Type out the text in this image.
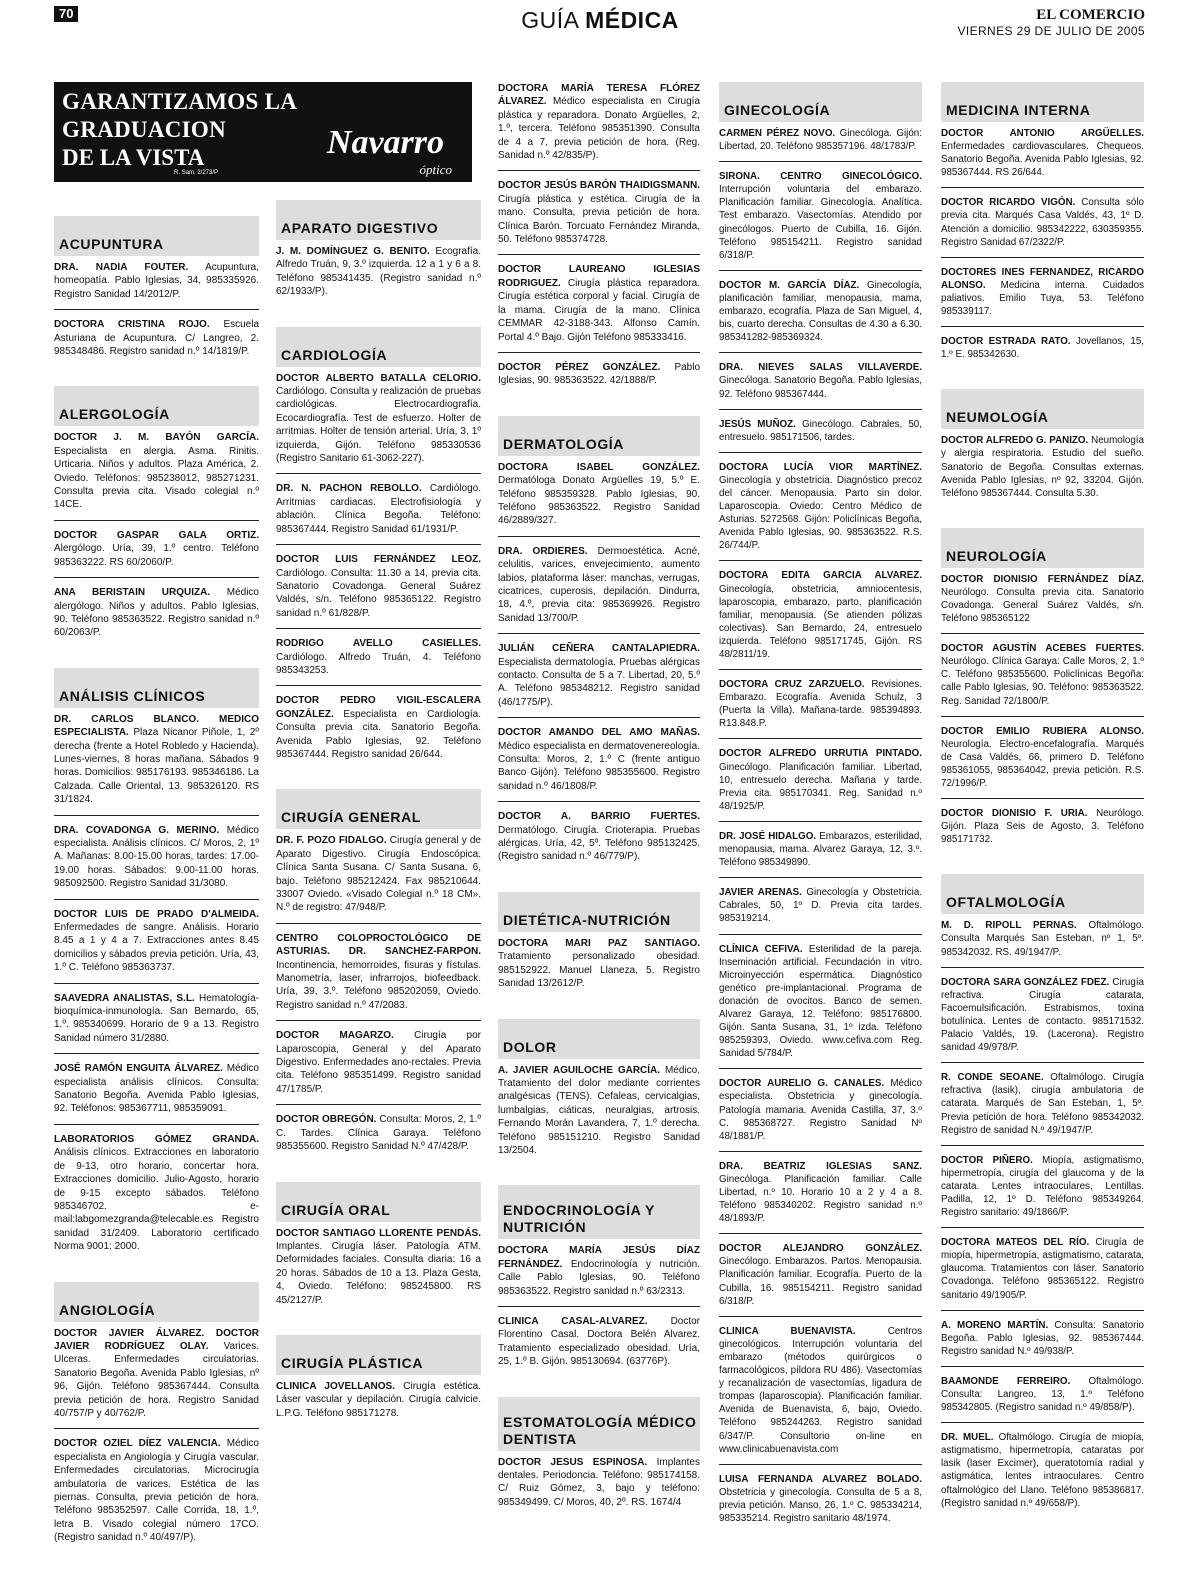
70	GUÍA MÉDICA	EL COMERCIO
VIERNES 29 DE JULIO DE 2005
GARANTIZAMOS LA GRADUACION
DE LA VISTA	Navarro
óptico
R. Sam. 2/273/P
ACUPUNTURA
DRA. NADIA FOUTER. Acupuntura, homeopatía. Pablo Iglesias, 34, 985335926. Registro Sanidad 14/2012/P.
DOCTORA CRISTINA ROJO. Escuela Asturiana de Acupuntura. C/ Langreo, 2. 985348486. Registro sanidad n.º 14/1819/P.
ALERGOLOGÍA
DOCTOR J. M. BAYÓN GARCÍA. Especialista en alergia. Asma. Rinitis. Urticaria. Niños y adultos. Plaza América, 2. Oviedo. Teléfonos: 985238012, 985271231. Consulta previa cita. Visado colegial n.º 14CE.
DOCTOR GASPAR GALA ORTIZ. Alergólogo. Uría, 39, 1.º centro. Teléfono 985363222. RS 60/2060/P.
ANA BERISTAIN URQUIZA. Médico alergólogo. Niños y adultos. Pablo Iglesias, 90. Teléfono 985363522. Registro sanidad n.º 60/2063/P.
ANÁLISIS CLÍNICOS
DR. CARLOS BLANCO. MEDICO ESPECIALISTA. Plaza Nicanor Piñole, 1, 2º derecha (frente a Hotel Robledo y Hacienda). Lunes-viernes, 8 horas mañana. Sábados 9 horas. Domicilios: 985176193. 985346186. La Calzada. Calle Oriental, 13. 985326120. RS 31/1824.
DRA. COVADONGA G. MERINO. Médico especialista. Análisis clínicos. C/ Moros, 2, 1º A. Mañanas: 8.00-15.00 horas, tardes: 17.00-19.00 horas. Sábados: 9.00-11.00 horas. 985092500. Registro Sanidad 31/3080.
DOCTOR LUIS DE PRADO D'ALMEIDA. Enfermedades de sangre. Análisis. Horario 8.45 a 1 y 4 a 7. Extracciones antes 8.45 domicilios y sábados previa petición. Uría, 43, 1.º C. Teléfono 985363737.
SAAVEDRA ANALISTAS, S.L. Hematología-bioquímica-inmunología. San Bernardo, 65, 1.º. 985340699. Horario de 9 a 13. Registro Sanidad número 31/2880.
JOSÉ RAMÓN ENGUITA ÁLVAREZ. Médico especialista análisis clínicos. Consulta: Sanatorio Begoña. Avenida Pablo Iglesias, 92. Teléfonos: 985367711, 985359091.
LABORATORIOS GÓMEZ GRANDA. Análisis clínicos. Extracciones en laboratorio de 9-13, otro horario, concertar hora. Extracciones domicilio. Julio-Agosto, horario de 9-15 excepto sábados. Teléfono 985346702. e-mail:labgomezgranda@telecable.es Registro sanidad 31/2409. Laboratorio certificado Norma 9001: 2000.
ANGIOLOGÍA
DOCTOR JAVIER ÁLVAREZ. DOCTOR JAVIER RODRÍGUEZ OLAY. Varices. Ulceras. Enfermedades circulatorias. Sanatorio Begoña. Avenida Pablo Iglesias, nº 96, Gijón. Teléfono 985367444. Consulta previa petición de hora. Registro Sanidad 40/757/P y 40/762/P.
DOCTOR OZIEL DÍEZ VALENCIA. Médico especialista en Angiología y Cirugía vascular. Enfermedades circulatorias. Microcirugía ambulatoria de varices. Estética de las piernas. Consulta, previa petición de hora. Teléfono 985352597. Calle Corrida, 18, 1.º, letra B. Visado colegial número 17CO. (Registro sanidad n.º 40/497/P).
APARATO DIGESTIVO
J. M. DOMÍNGUEZ G. BENITO. Ecografía. Alfredo Truán, 9, 3.º izquierda. 12 a 1 y 6 a 8. Teléfono 985341435. (Registro sanidad n.º 62/1933/P).
CARDIOLOGÍA
DOCTOR ALBERTO BATALLA CELORIO. Cardiólogo. Consulta y realización de pruebas cardiológicas. Electrocardiografía. Ecocardiografía. Test de esfuerzo. Holter de arritmias. Holter de tensión arterial. Uría, 3, 1º izquierda, Gijón. Teléfono 985330536 (Registro Sanitario 61-3062-227).
DR. N. PACHON REBOLLO. Cardiólogo. Arritmias cardiacas. Electrofisiología y ablación. Clínica Begoña. Teléfono: 985367444. Registro Sanidad 61/1931/P.
DOCTOR LUIS FERNÁNDEZ LEOZ. Cardiólogo. Consulta: 11.30 a 14, previa cita. Sanatorio Covadonga. General Suárez Valdés, s/n. Teléfono 985365122. Registro sanidad n.º 61/828/P.
RODRIGO AVELLO CASIELLES. Cardiólogo. Alfredo Truán, 4. Teléfono 985343253.
DOCTOR PEDRO VIGIL-ESCALERA GONZÁLEZ. Especialista en Cardiología. Consulta previa cita. Sanatorio Begoña. Avenida Pablo Iglesias, 92. Teléfono 985367444. Registro sanidad 26/644.
CIRUGÍA GENERAL
DR. F. POZO FIDALGO. Cirugía general y de Aparato Digestivo. Cirugía Endoscópica. Clínica Santa Susana. C/ Santa Susana, 6, bajo. Teléfono 985212424. Fax 985210644. 33007 Oviedo. «Visado Colegial n.º 18 CM». N.º de registro: 47/948/P.
CENTRO COLOPROCTOLÓGICO DE ASTURIAS. DR. SANCHEZ-FARPON. Incontinencia, hemorroides, fisuras y fístulas. Manometría, laser, infrarrojos, biofeedback. Uría, 39, 3.º. Teléfono 985202059, Oviedo. Registro sanidad n.º 47/2083.
DOCTOR MAGARZO. Cirugía por Laparoscopia, General y del Aparato Digestivo. Enfermedades ano-rectales. Previa cita. Teléfono 985351499. Registro sanidad 47/1785/P.
DOCTOR OBREGÓN. Consulta: Moros, 2, 1.º C. Tardes. Clínica Garaya. Teléfono 985355600. Registro Sanidad N.º 47/428/P.
CIRUGÍA ORAL
DOCTOR SANTIAGO LLORENTE PENDÁS. Implantes. Cirugía láser. Patología ATM. Deformidades faciales. Consulta diaria: 16 a 20 horas. Sábados de 10 a 13. Plaza Gesta, 4, Oviedo. Teléfono: 985245800. RS 45/2127/P.
CIRUGÍA PLÁSTICA
CLINICA JOVELLANOS. Cirugía estética. Láser vascular y depilación. Cirugía calvicie. L.P.G. Teléfono 985171278.
DOCTORA MARÍA TERESA FLÓREZ ÁLVAREZ. Médico especialista en Cirugía plástica y reparadora. Donato Argüelles, 2, 1.º, tercera. Teléfono 985351390. Consulta de 4 a 7, previa petición de hora. (Reg. Sanidad n.º 42/835/P).
DOCTOR JESÚS BARÓN THAIDIGSMANN. Cirugía plástica y estética. Cirugía de la mano. Consulta, previa petición de hora. Clínica Barón. Torcuato Fernández Miranda, 50. Teléfono 985374728.
DOCTOR LAUREANO IGLESIAS RODRIGUEZ. Cirugía plástica reparadora. Cirugía estética corporal y facial. Cirugía de la mama. Cirugía de la mano. Clínica CEMMAR 42-3188-343. Alfonso Camín. Portal 4.º Bajo. Gijón Teléfono 985333416.
DOCTOR PÉREZ GONZÁLEZ. Pablo Iglesias, 90. 985363522. 42/1888/P.
DERMATOLOGÍA
DOCTORA ISABEL GONZÁLEZ. Dermatóloga Donato Argüelles 19, 5.º E. Teléfono 985359328. Pablo Iglesias, 90. Teléfono 985363522. Registro Sanidad 46/2889/327.
DRA. ORDIERES. Dermoestética. Acné, celulitis, varices, envejecimiento, aumento labios, plataforma láser: manchas, verrugas, cicatrices, cuperosis, depilación. Dindurra, 18, 4.º, previa cita: 985369926. Registro Sanidad 13/700/P.
JULIÁN CEÑERA CANTALAPIEDRA. Especialista dermatología. Pruebas alérgicas contacto. Consulta de 5 a 7. Libertad, 20, 5.º A. Teléfono 985348212. Registro sanidad (46/1775/P).
DOCTOR AMANDO DEL AMO MAÑAS. Médico especialista en dermatovenereología. Consulta: Moros, 2, 1.º C (frente antiguo Banco Gijón). Teléfono 985355600. Registro sanidad n.º 46/1808/P.
DOCTOR A. BARRIO FUERTES. Dermatólogo. Cirugía. Crioterapia. Pruebas alérgicas. Uría, 42, 5º. Teléfono 985132425. (Registro sanidad n.º 46/779/P).
DIETÉTICA-NUTRICIÓN
DOCTORA MARI PAZ SANTIAGO. Tratamiento personalizado obesidad. 985152922. Manuel Llaneza, 5. Registro Sanidad 13/2612/P.
DOLOR
A. JAVIER AGUILOCHE GARCÍA. Médico. Tratamiento del dolor mediante corrientes analgésicas (TENS). Cefaleas, cervicalgias, lumbalgias, ciáticas, neuralgias, artrosis. Fernando Morán Lavandera, 7, 1.º derecha. Teléfono 985151210. Registro Sanidad 13/2504.
ENDOCRINOLOGÍA Y NUTRICIÓN
DOCTORA MARÍA JESÚS DÍAZ FERNÁNDEZ. Endocrinología y nutrición. Calle Pablo Iglesias, 90. Teléfono 985363522. Registro sanidad n.º 63/2313.
CLINICA CASAL-ALVAREZ. Doctor Florentino Casal. Doctora Belén Alvarez. Tratamiento especializado obesidad. Uría, 25, 1.º B. Gijón. 985130694. (63776P).
ESTOMATOLOGÍA MÉDICO DENTISTA
DOCTOR JESUS ESPINOSA. Implantes dentales. Periodoncia. Teléfono: 985174158. C/ Ruiz Gómez, 3, bajo y teléfono: 985349499. C/ Moros, 40, 2º. RS. 1674/4
GINECOLOGÍA
CARMEN PÉREZ NOVO. Ginecóloga. Gijón: Libertad, 20. Teléfono 985357196. 48/1783/P.
SIRONA. CENTRO GINECOLÓGICO. Interrupción voluntaria del embarazo. Planificación familiar. Ginecología. Analítica. Test embarazo. Vasectomías. Atendido por ginecólogos. Puerto de Cubilla, 16. Gijón. Teléfono 985154211. Registro sanidad 6/318/P.
DOCTOR M. GARCÍA DÍAZ. Ginecología, planificación familiar, menopausia, mama, embarazo, ecografía. Plaza de San Miguel, 4, bis, cuarto derecha. Consultas de 4.30 a 6.30. 985341282-985369324.
DRA. NIEVES SALAS VILLAVERDE. Ginecóloga. Sanatorio Begoña. Pablo Iglesias, 92. Teléfono 985367444.
JESÚS MUÑOZ. Ginecólogo. Cabrales, 50, entresuelo. 985171506, tardes.
DOCTORA LUCÍA VIOR MARTÍNEZ. Ginecología y obstetricia. Diagnóstico precoz del cáncer. Menopausia. Parto sin dolor. Laparoscopia. Oviedo: Centro Médico de Asturias. 5272568. Gijón: Policlínicas Begoña, Avenida Pablo Iglesias, 90. 985363522. R.S. 26/744/P.
DOCTORA EDITA GARCIA ALVAREZ. Ginecología, obstetricia, amniocentesis, laparoscopia, embarazo, parto, planificación familiar, menopausia. (Se atienden pólizas colectivas). San Bernardo, 24, entresuelo izquierda. Teléfono 985171745, Gijón. RS 48/2811/19.
DOCTORA CRUZ ZARZUELO. Revisiones. Embarazo. Ecografía. Avenida Schulz, 3 (Puerta la Villa). Mañana-tarde. 985394893. R13.848.P.
DOCTOR ALFREDO URRUTIA PINTADO. Ginecólogo. Planificación familiar. Libertad, 10, entresuelo derecha. Mañana y tarde. Previa cita. 985170341. Reg. Sanidad n.º 48/1925/P.
DR. JOSÉ HIDALGO. Embarazos, esterilidad, menopausia, mama. Alvarez Garaya, 12, 3.º. Teléfono 985349890.
JAVIER ARENAS. Ginecología y Obstetricia. Cabrales, 50, 1º D. Previa cita tardes. 985319214.
CLÍNICA CEFIVA. Esterilidad de la pareja. Inseminación artificial. Fecundación in vitro. Microinyección espermática. Diagnóstico genético pre-implantacional. Programa de donación de ovocitos. Banco de semen. Alvarez Garaya, 12. Teléfono: 985176800. Gijón. Santa Susana, 31, 1º izda. Teléfono 985259393, Oviedo. www.cefiva.com Reg. Sanidad 5/784/P.
DOCTOR AURELIO G. CANALES. Médico especialista. Obstetricia y ginecología. Patología mamaria. Avenida Castilla, 37, 3.º C. 985368727. Registro Sanidad Nº 48/1881/P.
DRA. BEATRIZ IGLESIAS SANZ. Ginecóloga. Planificación familiar. Calle Libertad, n.º 10. Horario 10 a 2 y 4 a 8. Teléfono 985340202. Registro sanidad n.º 48/1893/P.
DOCTOR ALEJANDRO GONZÁLEZ. Ginecólogo. Embarazos. Partos. Menopausia. Planificación familiar. Ecografía. Puerto de la Cubilla, 16. 985154211. Registro sanidad 6/318/P.
CLINICA BUENAVISTA.	Centros ginecológicos. Interrupción voluntaria del embarazo (métodos quirúrgicos o farmacológicos, píldora RU 486). Vasectomías y recanalización de vasectomías, ligadura de trompas (laparoscopia). Planificación familiar. Avenida de Buenavista, 6, bajo, Oviedo. Teléfono 985244263. Registro sanidad 6/347/P. Consultorio on-line en www.clinicabuenavista.com
LUISA FERNANDA ALVAREZ BOLADO. Obstetricia y ginecología. Consulta de 5 a 8, previa petición. Manso, 26, 1.º C. 985334214, 985335214. Registro sanitario 48/1974.
MEDICINA INTERNA
DOCTOR ANTONIO ARGÜELLES. Enfermedades cardiovasculares. Chequeos. Sanatorio Begoña. Avenida Pablo Iglesias, 92. 985367444. RS 26/644.
DOCTOR RICARDO VIGÓN. Consulta sólo previa cita. Marqués Casa Valdés, 43, 1º D. Atención a domicilio. 985342222, 630359355. Registro Sanidad 67/2322/P.
DOCTORES INES FERNANDEZ, RICARDO ALONSO. Medicina interna. Cuidados paliativos. Emilio Tuya, 53. Teléfono 985339117.
DOCTOR ESTRADA RATO. Jovellanos, 15, 1.º E. 985342630.
NEUMOLOGÍA
DOCTOR ALFREDO G. PANIZO. Neumología y alergia respiratoria. Estudio del sueño. Sanatorio de Begoña. Consultas externas. Avenida Pablo Iglesias, nº 92, 33204. Gijón. Teléfono 985367444. Consulta 5.30.
NEUROLOGÍA
DOCTOR DIONISIO FERNÁNDEZ DÍAZ. Neurólogo. Consulta previa cita. Sanatorio Covadonga. General Suárez Valdés, s/n. Teléfono 985365122
DOCTOR AGUSTÍN ACEBES FUERTES. Neurólogo. Clínica Garaya: Calle Moros, 2, 1.º C. Teléfono 985355600. Policlínicas Begoña: calle Pablo Iglesias, 90. Teléfono: 985363522. Reg. Sanidad 72/1800/P.
DOCTOR EMILIO RUBIERA ALONSO. Neurología. Electro-encefalografía. Marqués de Casa Valdés, 66, primero D. Teléfono 985361055, 985364042, previa petición. R.S. 72/1996/P.
DOCTOR DIONISIO F. URIA. Neurólogo. Gijón. Plaza Seis de Agosto, 3. Teléfono 985171732.
OFTALMOLOGÍA
M. D. RIPOLL PERNAS. Oftalmólogo. Consulta Marqués San Esteban, nº 1, 5º. 985342032. RS. 49/1947/P.
DOCTORA SARA GONZÁLEZ FDEZ. Cirugía refractiva. Cirugía catarata, Facoemulsificación. Estrabismos, toxina botulínica. Lentes de contacto. 985171532. Palacio Valdés, 19. (Lacerona). Registro sanidad 49/978/P.
R. CONDE SEOANE. Oftalmólogo. Cirugía refractiva (lasik), cirugía ambulatoria de catarata. Marqués de San Esteban, 1, 5º. Previa petición de hora. Teléfono 985342032. Registro de sanidad N.º 49/1947/P.
DOCTOR PIÑERO. Miopía, astigmatismo, hipermetropía, cirugía del glaucoma y de la catarata. Lentes intraoculares, Lentillas. Padilla, 12, 1º D. Teléfono 985349264. Registro sanitario: 49/1866/P.
DOCTORA MATEOS DEL RÍO. Cirugía de miopía, hipermetropía, astigmatismo, catarata, glaucoma. Tratamientos con láser. Sanatorio Covadonga. Teléfono 985365122. Registro sanitario 49/1905/P.
A. MORENO MARTÍN. Consulta: Sanatorio Begoña. Pablo Iglesias, 92. 985367444. Registro sanidad N.º 49/938/P.
BAAMONDE FERREIRO. Oftalmólogo. Consulta: Langreo, 13, 1.º Teléfono 985342805. (Registro sanidad n.º 49/858/P).
DR. MUEL. Oftalmólogo. Cirugía de miopía, astigmatismo, hipermetropía, cataratas por lasik (laser Excimer), queratotomía radial y astigmática, lentes intraoculares. Centro oftalmológico del Llano. Teléfono 985386817. (Registro sanidad n.º 49/658/P).
